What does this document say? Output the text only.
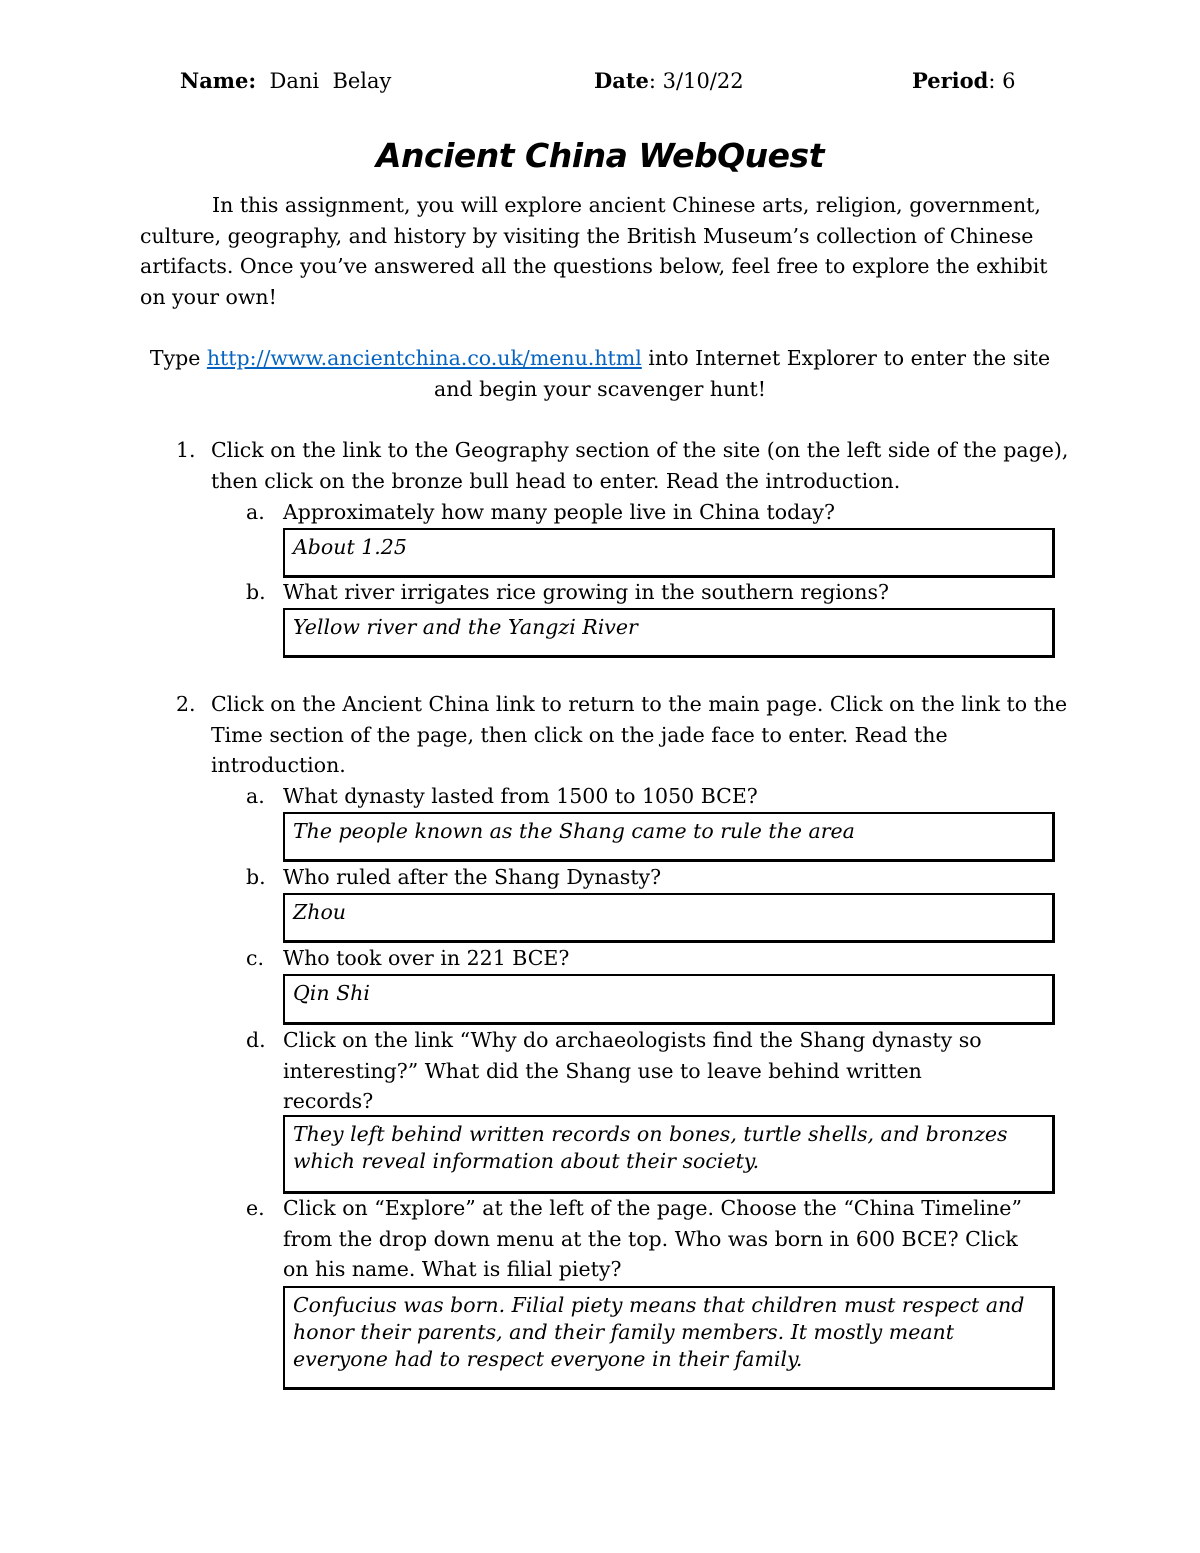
Name: Dani  Belay	Date: 3/10/22	Period: 6
Ancient China WebQuest
In this assignment, you will explore ancient Chinese arts, religion, government, culture, geography, and history by visiting the British Museum’s collection of Chinese artifacts. Once you’ve answered all the questions below, feel free to explore the exhibit on your own!
Type http://www.ancientchina.co.uk/menu.html into Internet Explorer to enter the site and begin your scavenger hunt!
1. Click on the link to the Geography section of the site (on the left side of the page), then click on the bronze bull head to enter. Read the introduction.
a. Approximately how many people live in China today?
About 1.25
b. What river irrigates rice growing in the southern regions?
Yellow river and the Yangzi River
2. Click on the Ancient China link to return to the main page. Click on the link to the Time section of the page, then click on the jade face to enter. Read the introduction.
a. What dynasty lasted from 1500 to 1050 BCE?
The people known as the Shang came to rule the area
b. Who ruled after the Shang Dynasty?
Zhou
c. Who took over in 221 BCE?
Qin Shi
d. Click on the link “Why do archaeologists find the Shang dynasty so interesting?” What did the Shang use to leave behind written records?
They left behind written records on bones, turtle shells, and bronzes which reveal information about their society.
e. Click on “Explore” at the left of the page. Choose the “China Timeline” from the drop down menu at the top. Who was born in 600 BCE? Click on his name. What is filial piety?
Confucius was born. Filial piety means that children must respect and honor their parents, and their family members. It mostly meant everyone had to respect everyone in their family.
